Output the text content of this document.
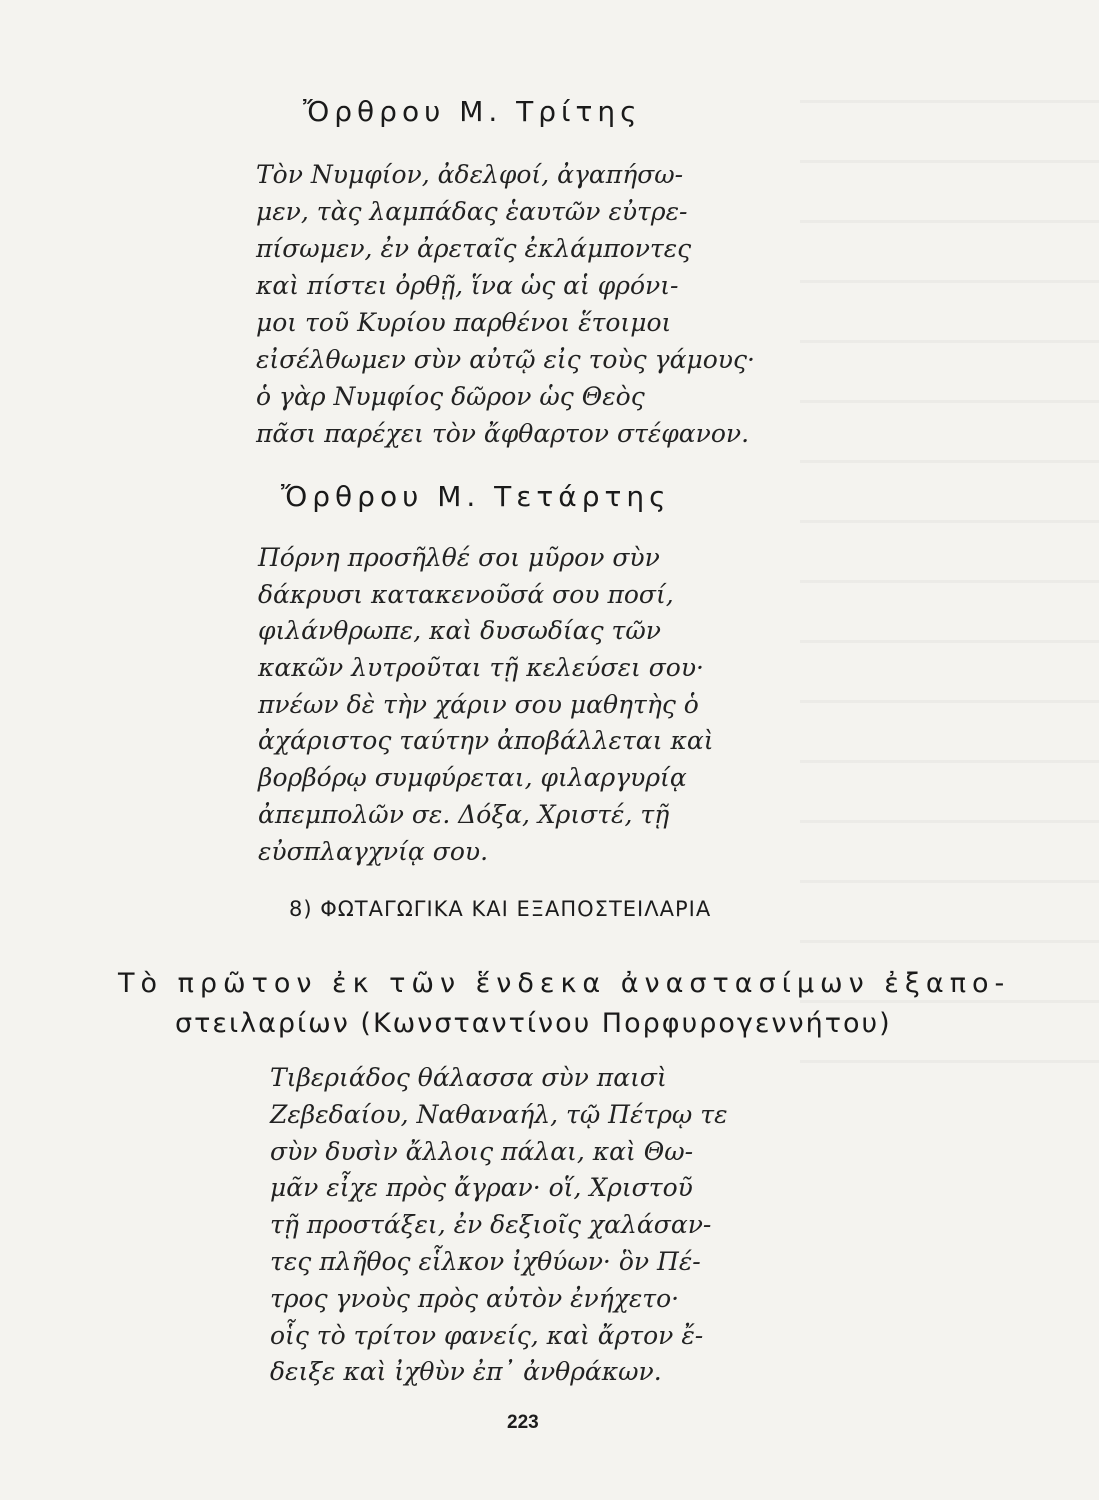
Ὄρθρου Μ. Τρίτης
Τὸν Νυμφίον, ἀδελφοί, ἀγαπήσω-
μεν, τὰς λαμπάδας ἑαυτῶν εὐτρε-
πίσωμεν, ἐν ἀρεταῖς ἐκλάμποντες
καὶ πίστει ὀρθῇ, ἵνα ὡς αἱ φρόνι-
μοι τοῦ Κυρίου παρθένοι ἕτοιμοι
εἰσέλθωμεν σὺν αὐτῷ εἰς τοὺς γάμους·
ὁ γὰρ Νυμφίος δῶρον ὡς Θεὸς
πᾶσι παρέχει τὸν ἄφθαρτον στέφανον.
Ὄρθρου Μ. Τετάρτης
Πόρνη προσῆλθέ σοι μῦρον σὺν
δάκρυσι κατακενοῦσά σου ποσί,
φιλάνθρωπε, καὶ δυσωδίας τῶν
κακῶν λυτροῦται τῇ κελεύσει σου·
πνέων δὲ τὴν χάριν σου μαθητὴς ὁ
ἀχάριστος ταύτην ἀποβάλλεται καὶ
βορβόρῳ συμφύρεται, φιλαργυρίᾳ
ἀπεμπολῶν σε. Δόξα, Χριστέ, τῇ
εὐσπλαγχνίᾳ σου.
8) ΦΩΤΑΓΩΓΙΚΑ ΚΑΙ ΕΞΑΠΟΣΤΕΙΛΑΡΙΑ
Τὸ πρῶτον ἐκ τῶν ἕνδεκα ἀναστασίμων ἐξαπο-
στειλαρίων (Κωνσταντίνου Πορφυρογεννήτου)
Τιβεριάδος θάλασσα σὺν παισὶ
Ζεβεδαίου, Ναθαναήλ, τῷ Πέτρῳ τε
σὺν δυσὶν ἄλλοις πάλαι, καὶ Θω-
μᾶν εἶχε πρὸς ἄγραν· οἵ, Χριστοῦ
τῇ προστάξει, ἐν δεξιοῖς χαλάσαν-
τες πλῆθος εἷλκον ἰχθύων· ὃν Πέ-
τρος γνοὺς πρὸς αὐτὸν ἐνήχετο·
οἷς τὸ τρίτον φανείς, καὶ ἄρτον ἔ-
δειξε καὶ ἰχθὺν ἐπ᾽ ἀνθράκων.
223
